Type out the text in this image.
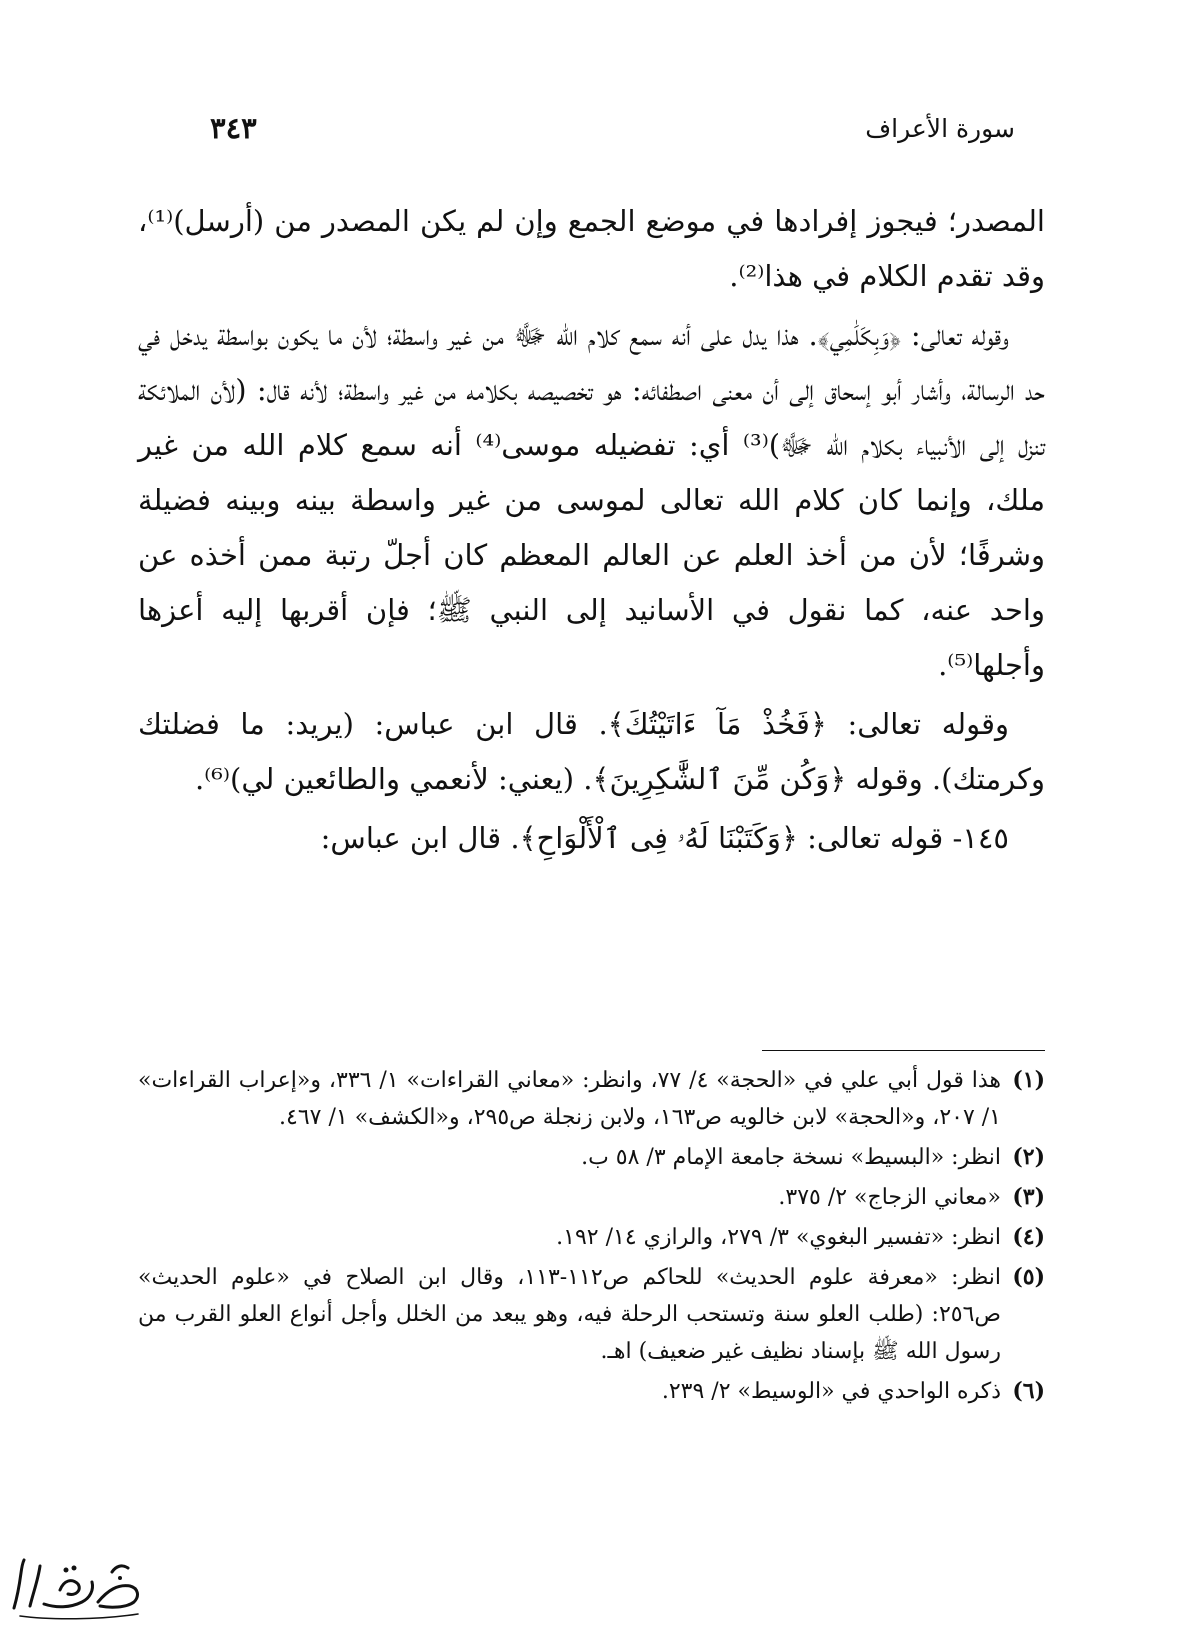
سورة الأعراف
٣٤٣

المصدر؛ فيجوز إفرادها في موضع الجمع وإن لم يكن المصدر من (أرسل)⁽¹⁾، وقد تقدم الكلام في هذا⁽²⁾.

وقوله تعالى: ﴿وَبِكَلَٰمِي﴾. هذا يدل على أنه سمع كلام الله ﷻ من غير واسطة؛ لأن ما يكون بواسطة يدخل في حد الرسالة، وأشار أبو إسحاق إلى أن معنى اصطفائه: هو تخصيصه بكلامه من غير واسطة؛ لأنه قال: (لأن الملائكة تنزل إلى الأنبياء بكلام الله ﷻ)⁽³⁾ أي: تفضيله موسى⁽⁴⁾ أنه سمع كلام الله من غير ملك، وإنما كان كلام الله تعالى لموسى من غير واسطة بينه وبينه فضيلة وشرفًا؛ لأن من أخذ العلم عن العالم المعظم كان أجلّ رتبة ممن أخذه عن واحد عنه، كما نقول في الأسانيد إلى النبي ﷺ؛ فإن أقربها إليه أعزها وأجلها⁽⁵⁾.

وقوله تعالى: ﴿فَخُذْ مَآ ءَاتَيْتُكَ﴾. قال ابن عباس: (يريد: ما فضلتك وكرمتك). وقوله ﴿وَكُن مِّنَ ٱلشَّٰكِرِينَ﴾. (يعني: لأنعمي والطائعين لي)⁽⁶⁾.

١٤٥- قوله تعالى: ﴿وَكَتَبْنَا لَهُۥ فِى ٱلْأَلْوَاحِ﴾. قال ابن عباس:

(١)
هذا قول أبي علي في «الحجة» ٤/ ٧٧، وانظر: «معاني القراءات» ١/ ٣٣٦، و«إعراب القراءات» ١/ ٢٠٧، و«الحجة» لابن خالويه ص١٦٣، ولابن زنجلة ص٢٩٥، و«الكشف» ١/ ٤٦٧.
(٢)
انظر: «البسيط» نسخة جامعة الإمام ٣/ ٥٨ ب.
(٣)
«معاني الزجاج» ٢/ ٣٧٥.
(٤)
انظر: «تفسير البغوي» ٣/ ٢٧٩، والرازي ١٤/ ١٩٢.
(٥)
انظر: «معرفة علوم الحديث» للحاكم ص١١٢-١١٣، وقال ابن الصلاح في «علوم الحديث» ص٢٥٦: (طلب العلو سنة وتستحب الرحلة فيه، وهو يبعد من الخلل وأجل أنواع العلو القرب من رسول الله ﷺ بإسناد نظيف غير ضعيف) اهـ.
(٦)
ذكره الواحدي في «الوسيط» ٢/ ٢٣٩.
